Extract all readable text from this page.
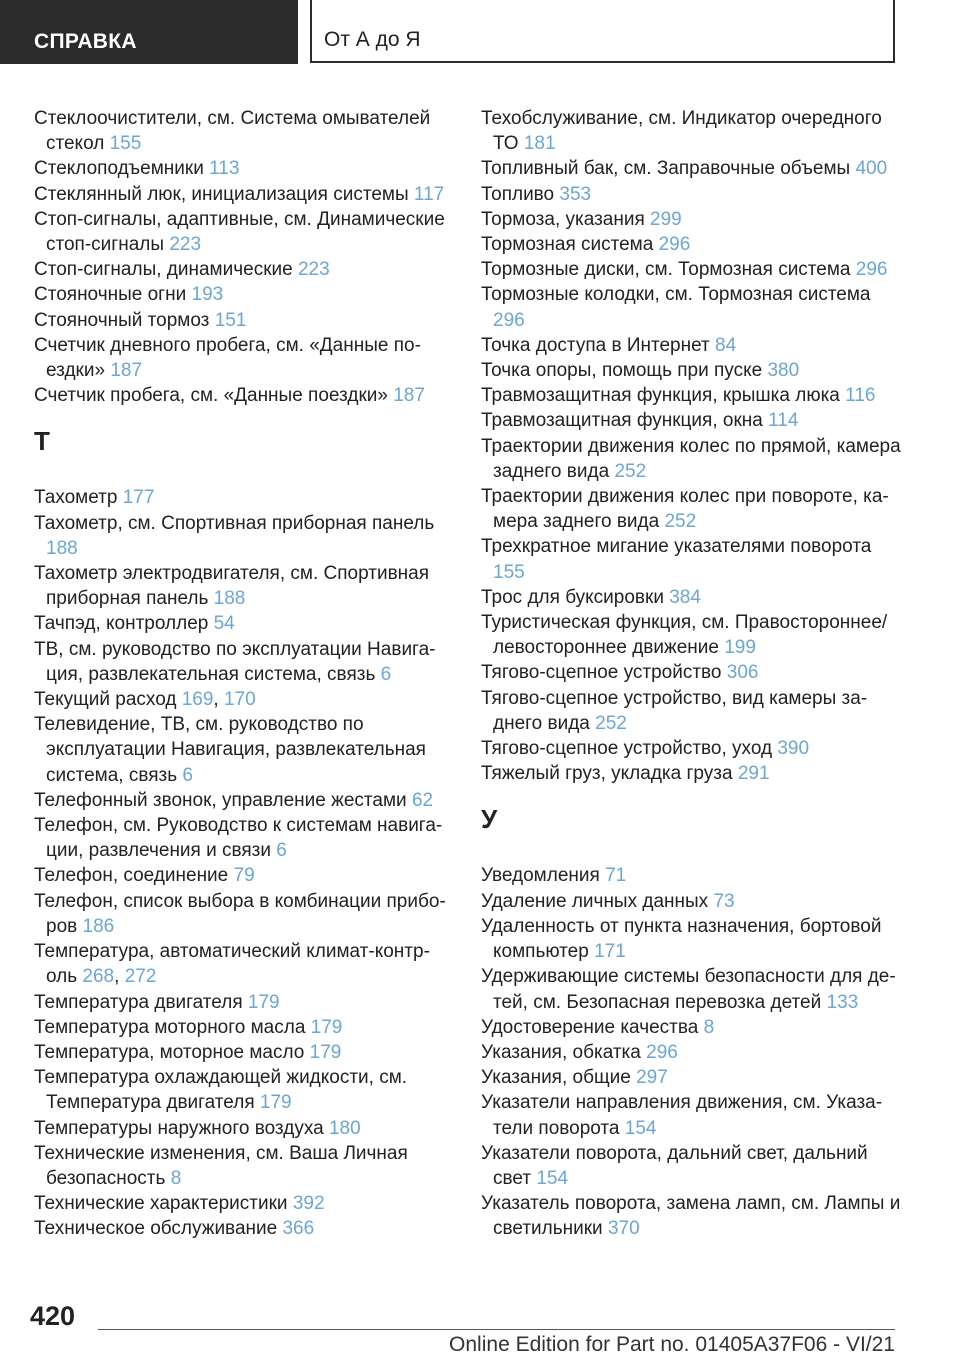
СПРАВКА	От А до Я
Стеклоочистители, см. Система омывателей стекол 155
Стеклоподъемники 113
Стеклянный люк, инициализация системы 117
Стоп-сигналы, адаптивные, см. Динамические стоп-сигналы 223
Стоп-сигналы, динамические 223
Стояночные огни 193
Стояночный тормоз 151
Счетчик дневного пробега, см. «Данные поездки» 187
Счетчик пробега, см. «Данные поездки» 187
Т
Тахометр 177
Тахометр, см. Спортивная приборная панель 188
Тахометр электродвигателя, см. Спортивная приборная панель 188
Тачпэд, контроллер 54
ТВ, см. руководство по эксплуатации Навигация, развлекательная система, связь 6
Текущий расход 169, 170
Телевидение, ТВ, см. руководство по эксплуатации Навигация, развлекательная система, связь 6
Телефонный звонок, управление жестами 62
Телефон, см. Руководство к системам навигации, развлечения и связи 6
Телефон, соединение 79
Телефон, список выбора в комбинации приборов 186
Температура, автоматический климат-контроль 268, 272
Температура двигателя 179
Температура моторного масла 179
Температура, моторное масло 179
Температура охлаждающей жидкости, см. Температура двигателя 179
Температуры наружного воздуха 180
Технические изменения, см. Ваша Личная безопасность 8
Технические характеристики 392
Техническое обслуживание 366
Техобслуживание, см. Индикатор очередного ТО 181
Топливный бак, см. Заправочные объемы 400
Топливо 353
Тормоза, указания 299
Тормозная система 296
Тормозные диски, см. Тормозная система 296
Тормозные колодки, см. Тормозная система 296
Точка доступа в Интернет 84
Точка опоры, помощь при пуске 380
Травмозащитная функция, крышка люка 116
Травмозащитная функция, окна 114
Траектории движения колес по прямой, камера заднего вида 252
Траектории движения колес при повороте, камера заднего вида 252
Трехкратное мигание указателями поворота 155
Трос для буксировки 384
Туристическая функция, см. Правостороннее/левостороннее движение 199
Тягово-сцепное устройство 306
Тягово-сцепное устройство, вид камеры заднего вида 252
Тягово-сцепное устройство, уход 390
Тяжелый груз, укладка груза 291
У
Уведомления 71
Удаление личных данных 73
Удаленность от пункта назначения, бортовой компьютер 171
Удерживающие системы безопасности для детей, см. Безопасная перевозка детей 133
Удостоверение качества 8
Указания, обкатка 296
Указания, общие 297
Указатели направления движения, см. Указатели поворота 154
Указатели поворота, дальний свет, дальний свет 154
Указатель поворота, замена ламп, см. Лампы и светильники 370
420
Online Edition for Part no. 01405A37F06 - VI/21
